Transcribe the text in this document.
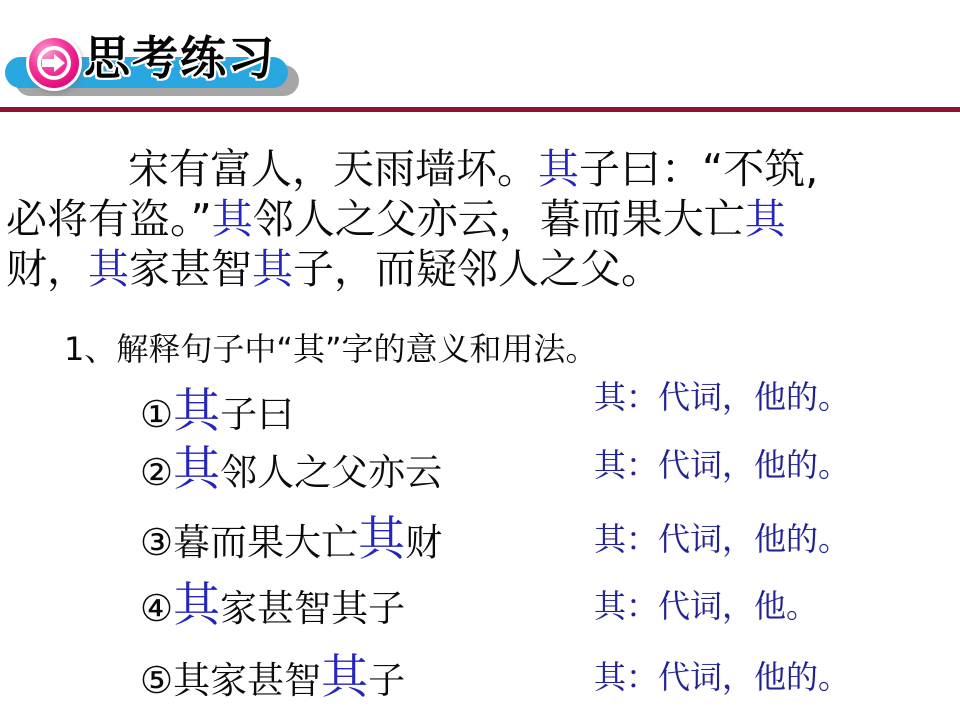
思考练习
宋有富人，天雨墙坏。其子曰：“不筑,
必将有盗。”其邻人之父亦云，暮而果大亡其
财，其家甚智其子，而疑邻人之父。
1、解释句子中“其”字的意义和用法。
①其子曰	其：代词，他的。
②其邻人之父亦云	其：代词，他的。
③暮而果大亡其财	其：代词，他的。
④其家甚智其子	其：代词，他。
⑤其家甚智其子	其：代词，他的。
